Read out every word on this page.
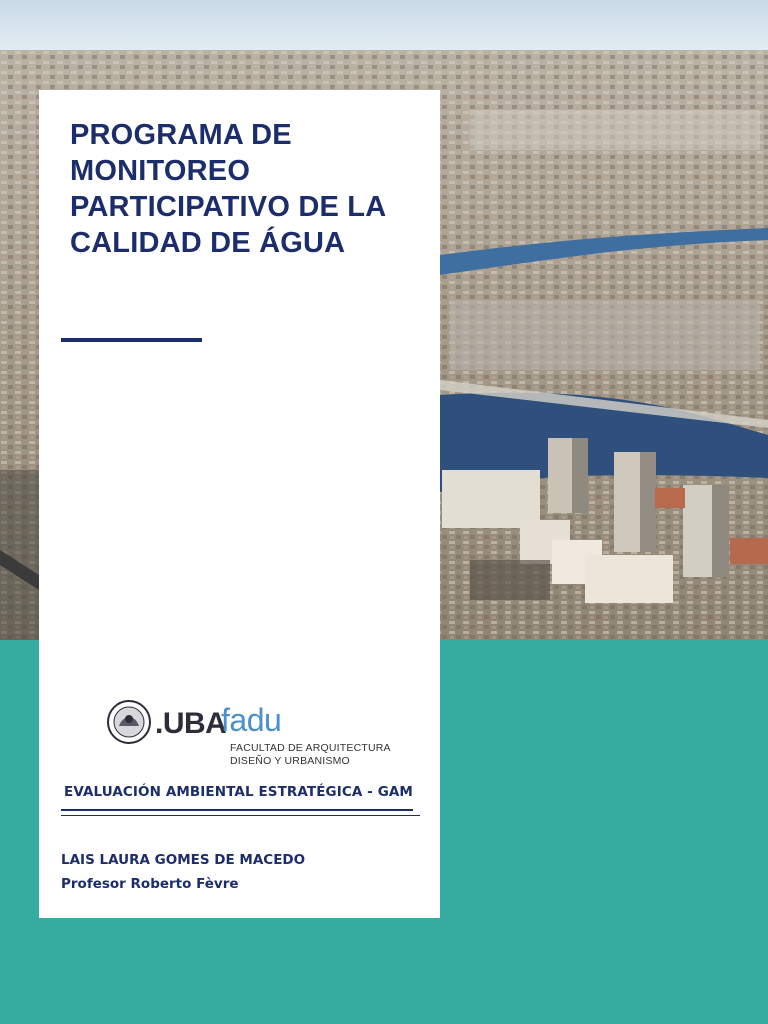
PROGRAMA DE MONITOREO PARTICIPATIVO DE LA CALIDAD DE ÁGUA
.UBA
fadu
FACULTAD DE ARQUITECTURA
DISEÑO Y URBANISMO
EVALUACIÓN AMBIENTAL ESTRATÉGICA - GAM
LAIS LAURA GOMES DE MACEDO
Profesor Roberto Fèvre
